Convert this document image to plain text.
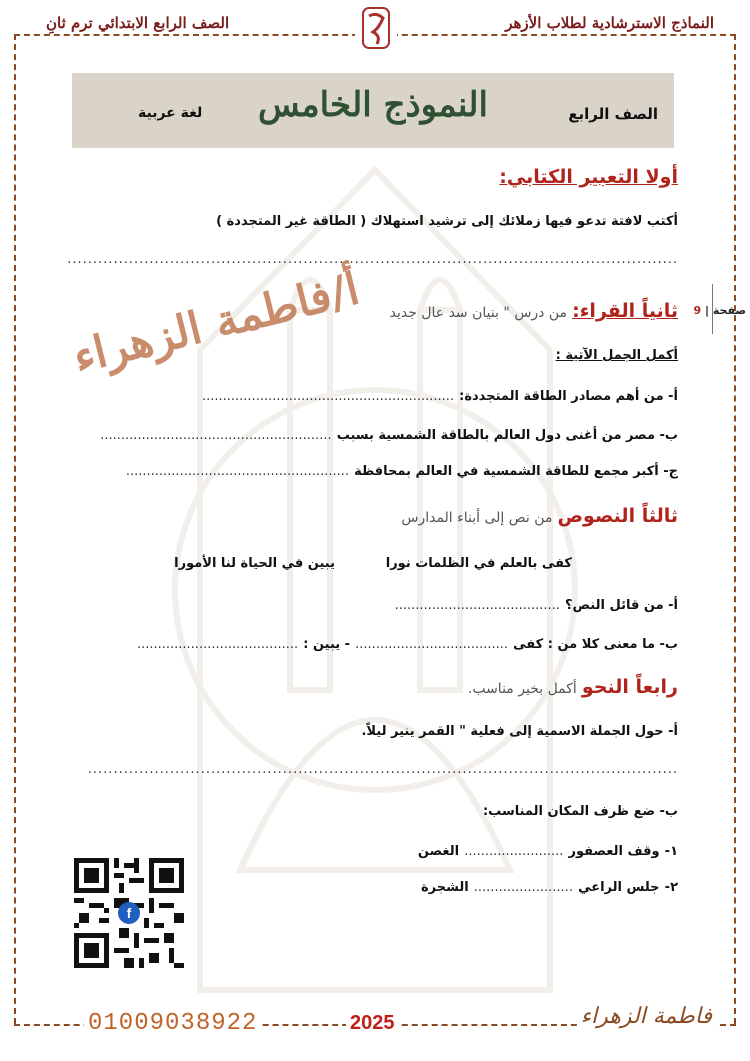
النماذج الاسترشادية لطلاب الأزهر
الصف الرابع الابتدائي ترم ثانِ
النموذج الخامس	الصف الرابع
لغة عربية
صفحة | 9
أولا التعبير الكتابي:
أكتب لافتة تدعو فيها زملائك إلى ترشيد استهلاك ( الطاقة غير المتجددة )
.......................................................................................................................
أ/فاطمة الزهراء	ثانياً القراء: من درس " بنيان سد عال جديد
أكمل الجمل الآتية :
أ- من أهم مصادر الطاقة المتجددة: .............................................................
ب- مصر من أغنى دول العالم بالطاقة الشمسية بسبب ........................................................
ج- أكبر مجمع للطاقة الشمسية في العالم بمحافظة ......................................................
ثالثاً النصوص من نص إلى أبناء المدارس
كفى بالعلم في الظلمات نورا
يبين في الحياة لنا الأمورا
أ- من قائل النص؟ ........................................
ب- ما معنى كلا من : كفى ..................................... - يبين : .......................................
رابعاً النحو أكمل بخير مناسب.
أ- حول الجملة الاسمية إلى فعلية " القمر ينير ليلاً.
...................................................................................................................
ب- ضع ظرف المكان المناسب:
١- وقف العصفور ........................ الغصن
٢- جلس الراعي ........................ الشجرة
f
01009038922	2025	فاطمة الزهراء
